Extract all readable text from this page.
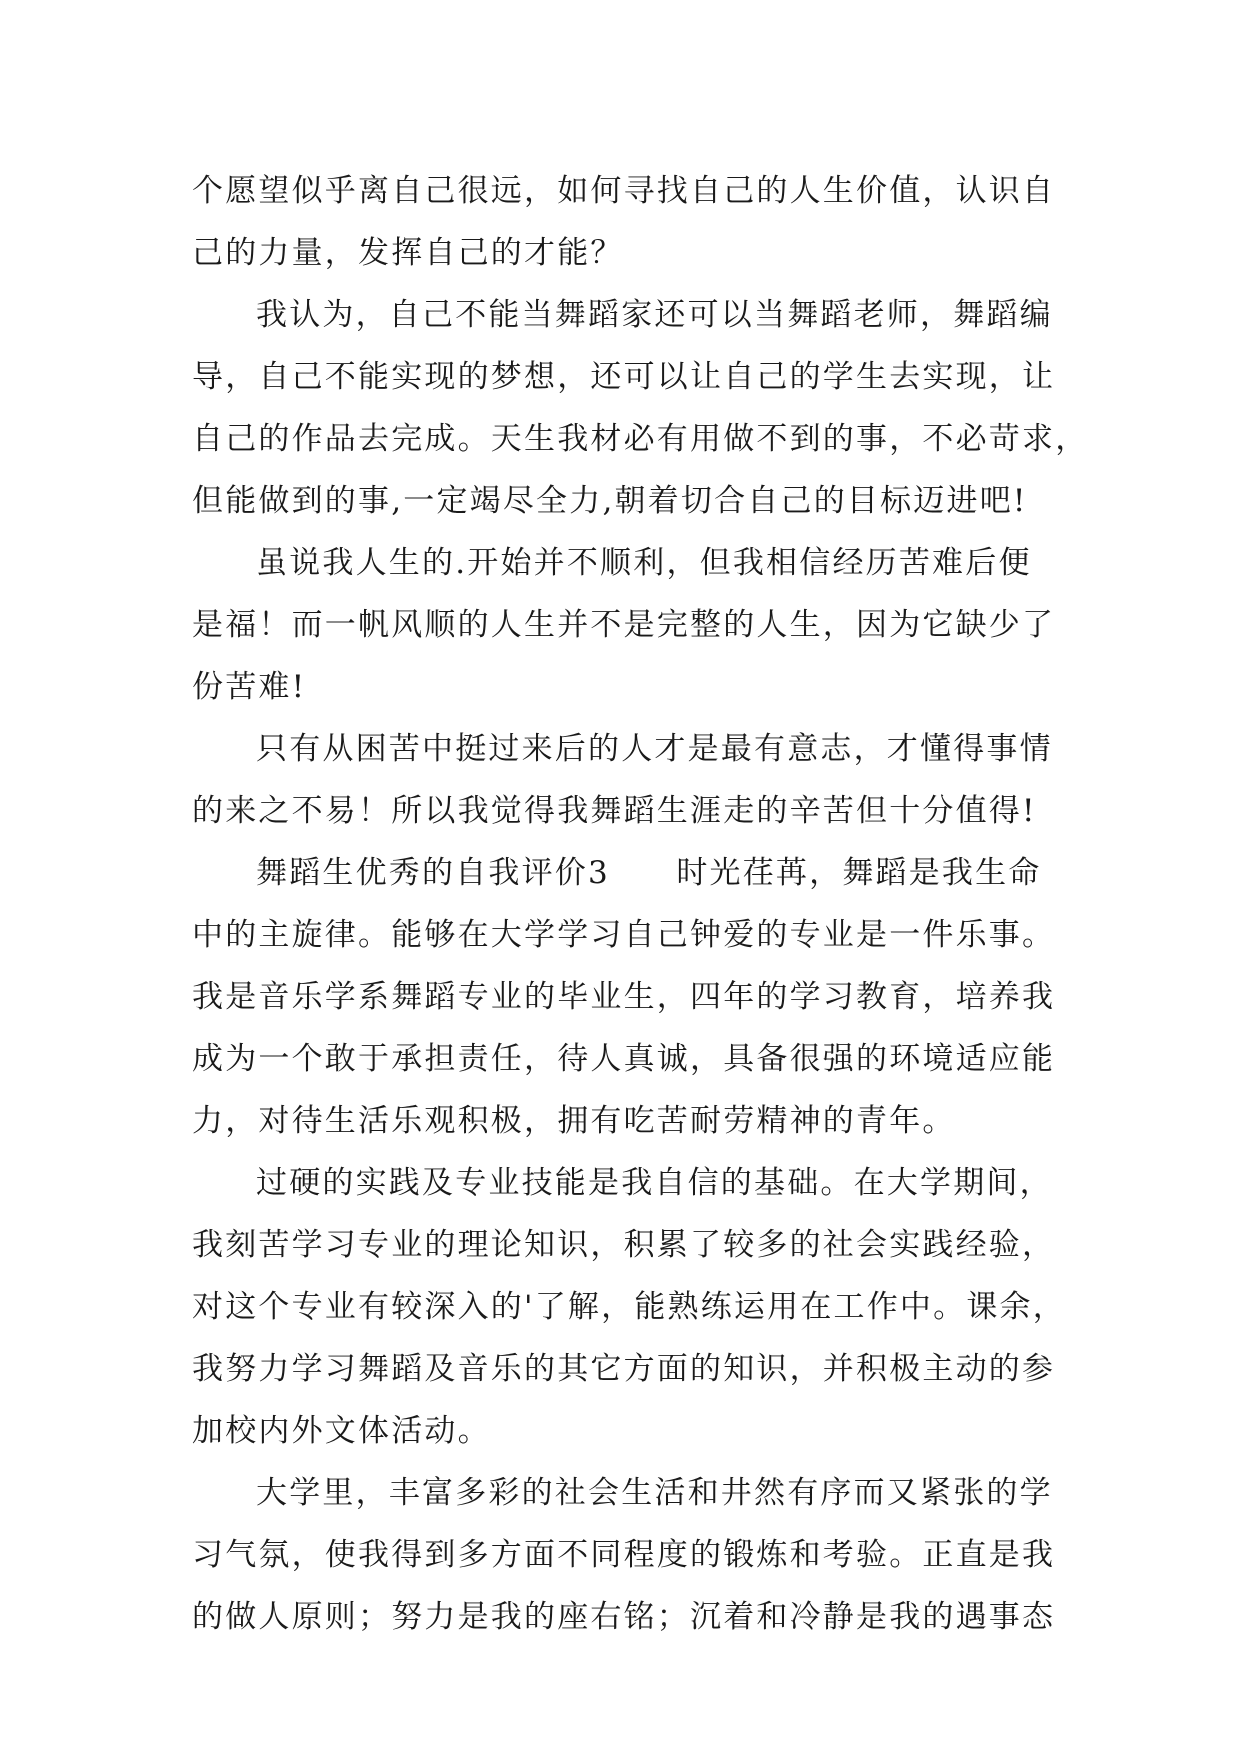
个愿望似乎离自己很远，如何寻找自己的人生价值，认识自
己的力量，发挥自己的才能？
我认为，自己不能当舞蹈家还可以当舞蹈老师，舞蹈编
导，自己不能实现的梦想，还可以让自己的学生去实现，让
自己的作品去完成。天生我材必有用做不到的事，不必苛求，
但能做到的事,一定竭尽全力,朝着切合自己的目标迈进吧!
虽说我人生的.开始并不顺利，但我相信经历苦难后便
是福！而一帆风顺的人生并不是完整的人生，因为它缺少了
份苦难!
只有从困苦中挺过来后的人才是最有意志，才懂得事情
的来之不易！所以我觉得我舞蹈生涯走的辛苦但十分值得!
舞蹈生优秀的自我评价3　　时光荏苒，舞蹈是我生命
中的主旋律。能够在大学学习自己钟爱的专业是一件乐事。
我是音乐学系舞蹈专业的毕业生，四年的学习教育，培养我
成为一个敢于承担责任，待人真诚，具备很强的环境适应能
力，对待生活乐观积极，拥有吃苦耐劳精神的青年。
过硬的实践及专业技能是我自信的基础。在大学期间，
我刻苦学习专业的理论知识，积累了较多的社会实践经验，
对这个专业有较深入的'了解，能熟练运用在工作中。课余，
我努力学习舞蹈及音乐的其它方面的知识，并积极主动的参
加校内外文体活动。
大学里，丰富多彩的社会生活和井然有序而又紧张的学
习气氛，使我得到多方面不同程度的锻炼和考验。正直是我
的做人原则；努力是我的座右铭；沉着和冷静是我的遇事态
